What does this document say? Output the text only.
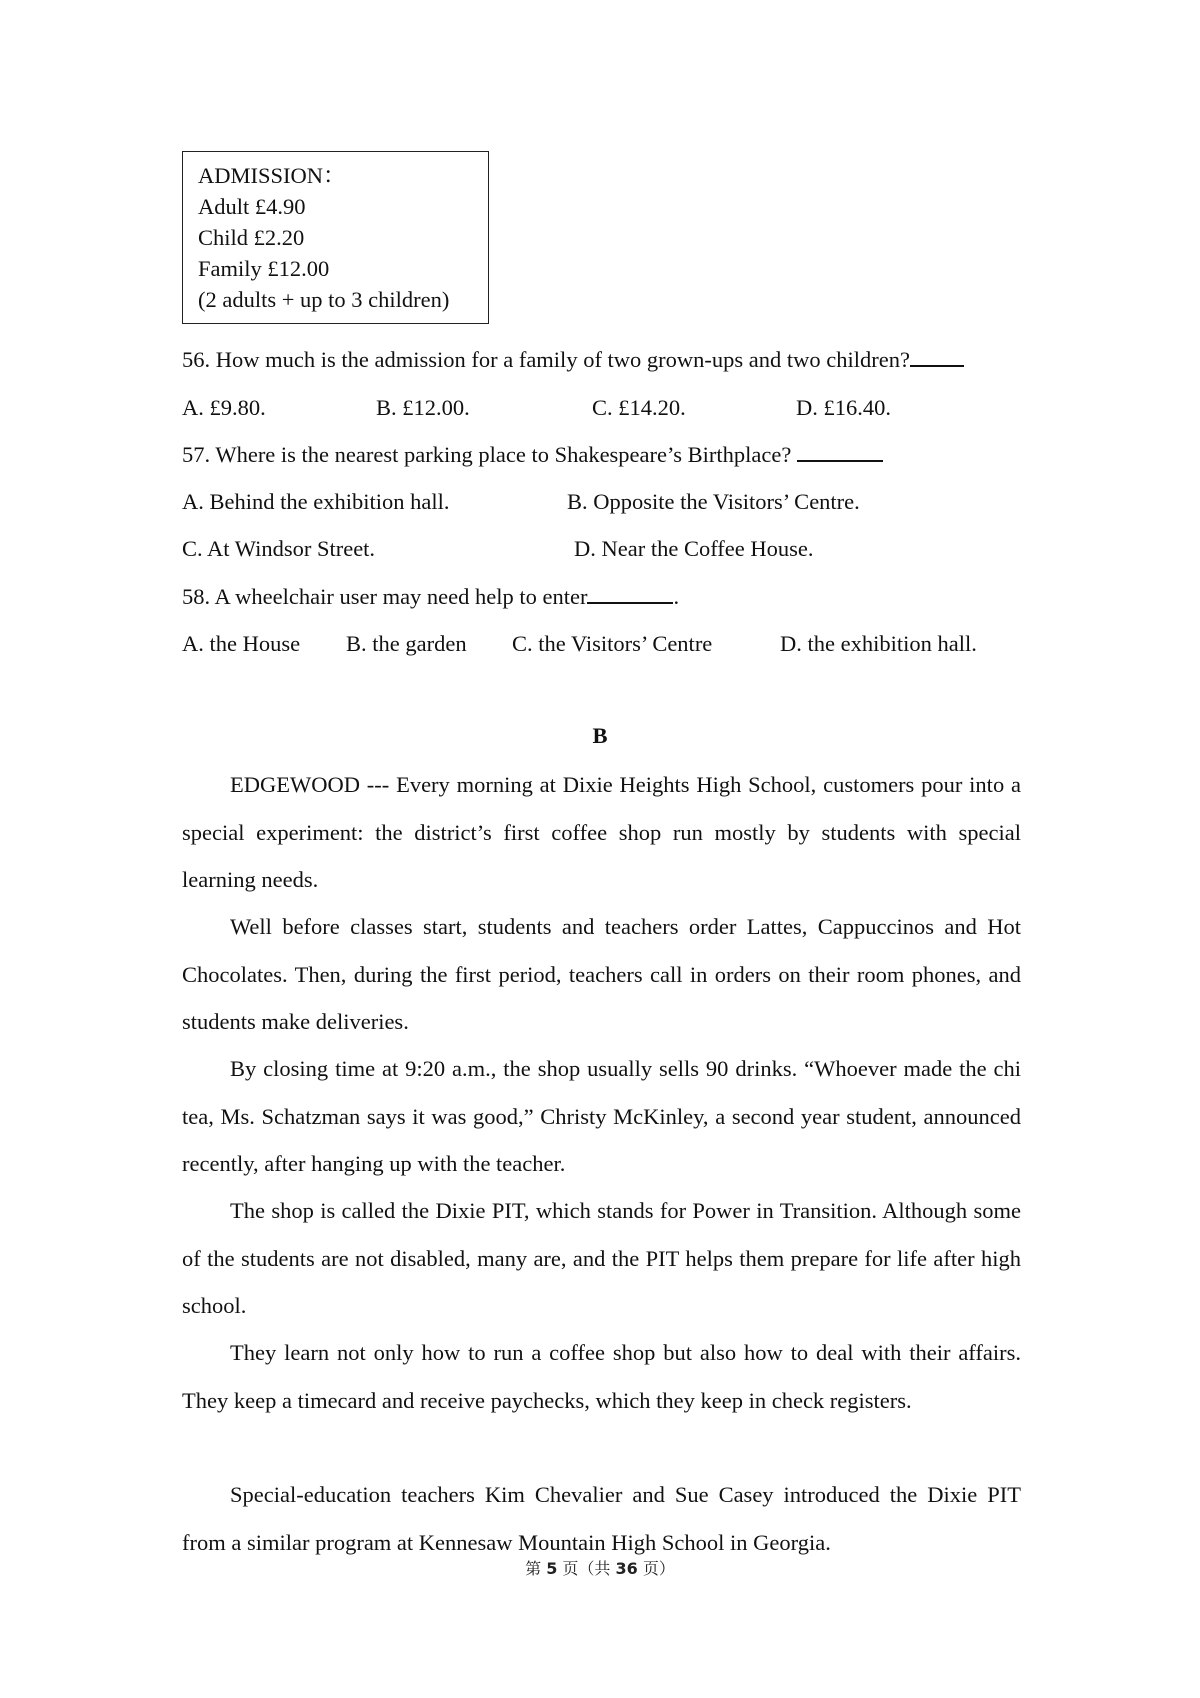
ADMISSION：
Adult £4.90
Child £2.20
Family £12.00
(2 adults + up to 3 children)
56. How much is the admission for a family of two grown-ups and two children?
A. £9.80.	B. £12.00.	C. £14.20.	D. £16.40.
57. Where is the nearest parking place to Shakespeare’s Birthplace?
A. Behind the exhibition hall.	B. Opposite the Visitors’ Centre.
C. At Windsor Street.	D. Near the Coffee House.
58. A wheelchair user may need help to enter	.
A. the House B. the garden C. the Visitors’ Centre	D. the exhibition hall.
B

EDGEWOOD --- Every morning at Dixie Heights High School, customers pour into a special experiment: the district’s first coffee shop run mostly by students with special learning needs.

Well before classes start, students and teachers order Lattes, Cappuccinos and Hot Chocolates. Then, during the first period, teachers call in orders on their room phones, and students make deliveries.

By closing time at 9:20 a.m., the shop usually sells 90 drinks. “Whoever made the chi tea, Ms. Schatzman says it was good,” Christy McKinley, a second year student, announced recently, after hanging up with the teacher.

The shop is called the Dixie PIT, which stands for Power in Transition. Although some of the students are not disabled, many are, and the PIT helps them prepare for life after high school.

They learn not only how to run a coffee shop but also how to deal with their affairs. They keep a timecard and receive paychecks, which they keep in check registers.

Special-education teachers Kim Chevalier and Sue Casey introduced the Dixie PIT from a similar program at Kennesaw Mountain High School in Georgia.

第 5 页（共 36 页）
